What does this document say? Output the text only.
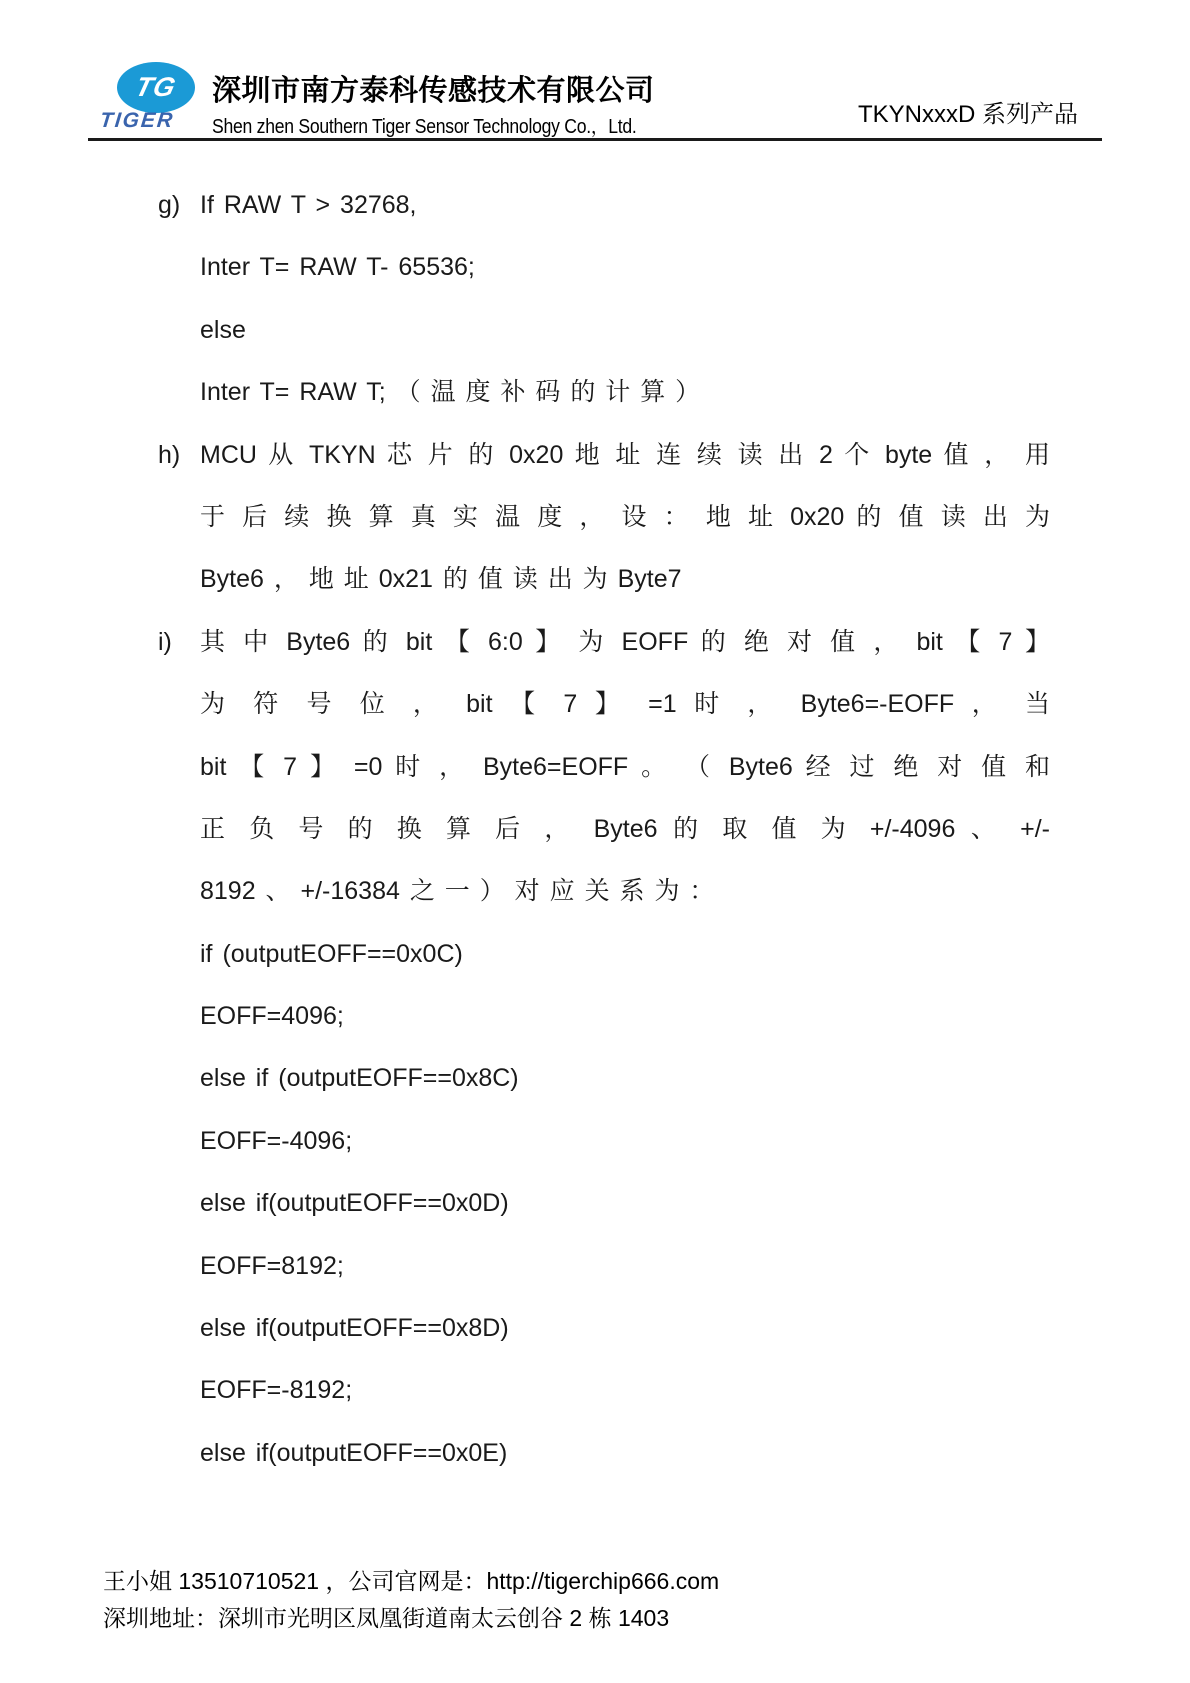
TG
TIGER
深圳市南方泰科传感技术有限公司
Shen zhen Southern Tiger Sensor Technology Co.，Ltd.	TKYNxxxD 系列产品
g) If RAW T > 32768,
Inter T= RAW T- 65536;
else
Inter T= RAW T; （ 温 度 补 码 的 计 算 ）
h) MCU 从 TKYN 芯 片 的 0x20 地 址 连 续 读 出 2 个 byte 值 ， 用
于 后 续 换 算 真 实 温 度 ， 设 ： 地 址 0x20 的 值 读 出 为
Byte6 ， 地 址 0x21 的 值 读 出 为 Byte7
i) 其 中 Byte6 的 bit 【 6:0 】 为 EOFF 的 绝 对 值 ， bit 【 7 】
为 符 号 位 ， bit 【 7 】 =1 时 ， Byte6=-EOFF ， 当
bit 【 7 】 =0 时 ， Byte6=EOFF 。 （ Byte6 经 过 绝 对 值 和
正 负 号 的 换 算 后 ， Byte6 的 取 值 为 +/-4096 、 +/-
8192 、 +/-16384 之 一 ） 对 应 关 系 为 ：
if (outputEOFF==0x0C)
EOFF=4096;
else if (outputEOFF==0x8C)
EOFF=-4096;
else if(outputEOFF==0x0D)
EOFF=8192;
else if(outputEOFF==0x8D)
EOFF=-8192;
else if(outputEOFF==0x0E)
王小姐 13510710521 ，公司官网是：http://tigerchip666.com
深圳地址：深圳市光明区凤凰街道南太云创谷 2 栋 1403
